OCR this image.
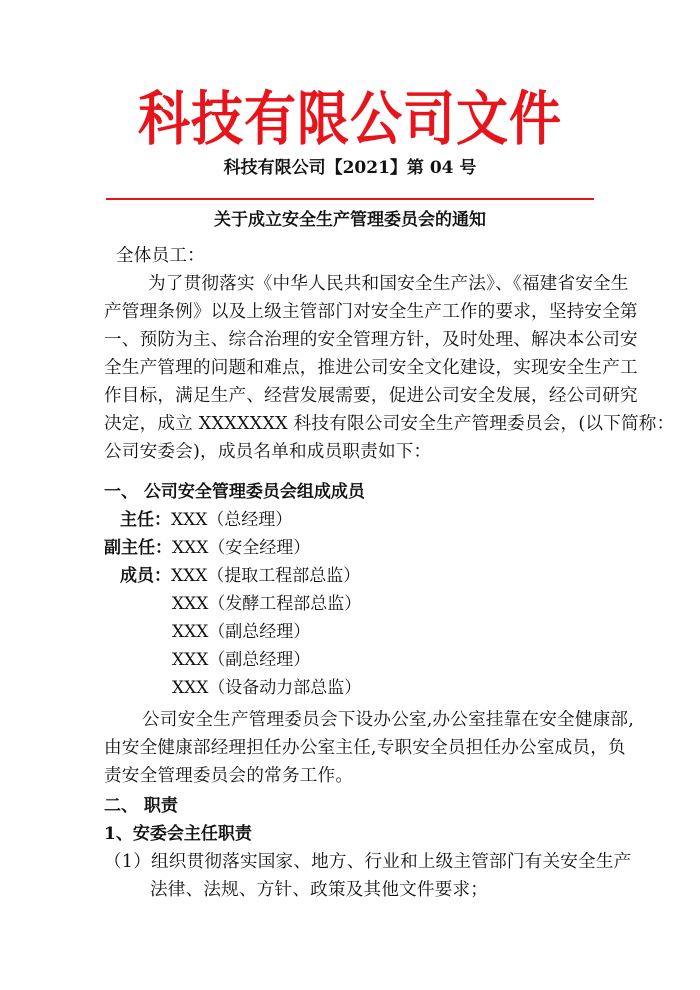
科技有限公司文件
科技有限公司【2021】第 04 号
关于成立安全生产管理委员会的通知
全体员工：
为了贯彻落实《中华人民共和国安全生产法》、《福建省安全生
产管理条例》以及上级主管部门对安全生产工作的要求，坚持安全第
一、预防为主、综合治理的安全管理方针，及时处理、解决本公司安
全生产管理的问题和难点，推进公司安全文化建设，实现安全生产工
作目标，满足生产、经营发展需要，促进公司安全发展，经公司研究
决定，成立 XXXXXXX 科技有限公司安全生产管理委员会，(以下简称：
公司安委会)，成员名单和成员职责如下：
一、 公司安全管理委员会组成成员
主任：XXX（总经理）
副主任：XXX（安全经理）
成员：XXX（提取工程部总监）
XXX（发酵工程部总监）
XXX（副总经理）
XXX（副总经理）
XXX（设备动力部总监）
公司安全生产管理委员会下设办公室,办公室挂靠在安全健康部,
由安全健康部经理担任办公室主任,专职安全员担任办公室成员，负
责安全管理委员会的常务工作。
二、 职责
1、安委会主任职责
（1）组织贯彻落实国家、地方、行业和上级主管部门有关安全生产
法律、法规、方针、政策及其他文件要求；
